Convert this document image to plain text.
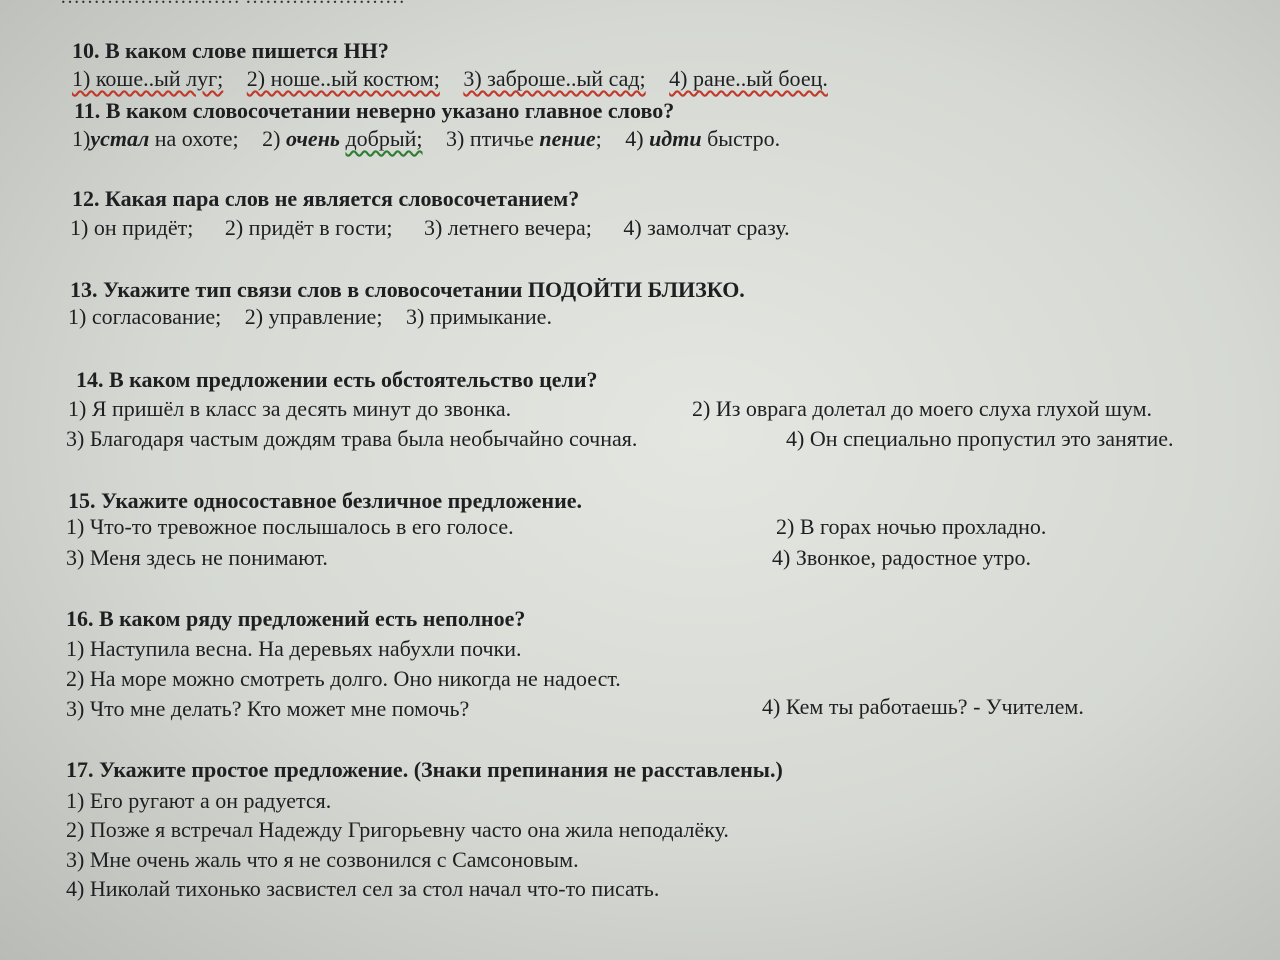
10. В каком слове пишется НН?
1) коше..ый луг; 2) ноше..ый костюм; 3) заброше..ый сад; 4) ране..ый боец.
11. В каком словосочетании неверно указано главное слово?
1)устал на охоте; 2) очень добрый; 3) птичье пение; 4) идти быстро.
12. Какая пара слов не является словосочетанием?
1) он придёт; 2) придёт в гости; 3) летнего вечера; 4) замолчат сразу.
13. Укажите тип связи слов в словосочетании ПОДОЙТИ БЛИЗКО.
1) согласование; 2) управление; 3) примыкание.
14. В каком предложении есть обстоятельство цели?
1) Я пришёл в класс за десять минут до звонка.	2) Из оврага долетал до моего слуха глухой шум.
3) Благодаря частым дождям трава была необычайно сочная.	4) Он специально пропустил это занятие.
15. Укажите односоставное безличное предложение.
1) Что-то тревожное послышалось в его голосе.	2) В горах ночью прохладно.
3) Меня здесь не понимают.	4) Звонкое, радостное утро.
16. В каком ряду предложений есть неполное?
1) Наступила весна. На деревьях набухли почки.
2) На море можно смотреть долго. Оно никогда не надоест.
3) Что мне делать? Кто может мне помочь?	4) Кем ты работаешь? - Учителем.
17. Укажите простое предложение. (Знаки препинания не расставлены.)
1) Его ругают а он радуется.
2) Позже я встречал Надежду Григорьевну часто она жила неподалёку.
3) Мне очень жаль что я не созвонился с Самсоновым.
4) Николай тихонько засвистел сел за стол начал что-то писать.
